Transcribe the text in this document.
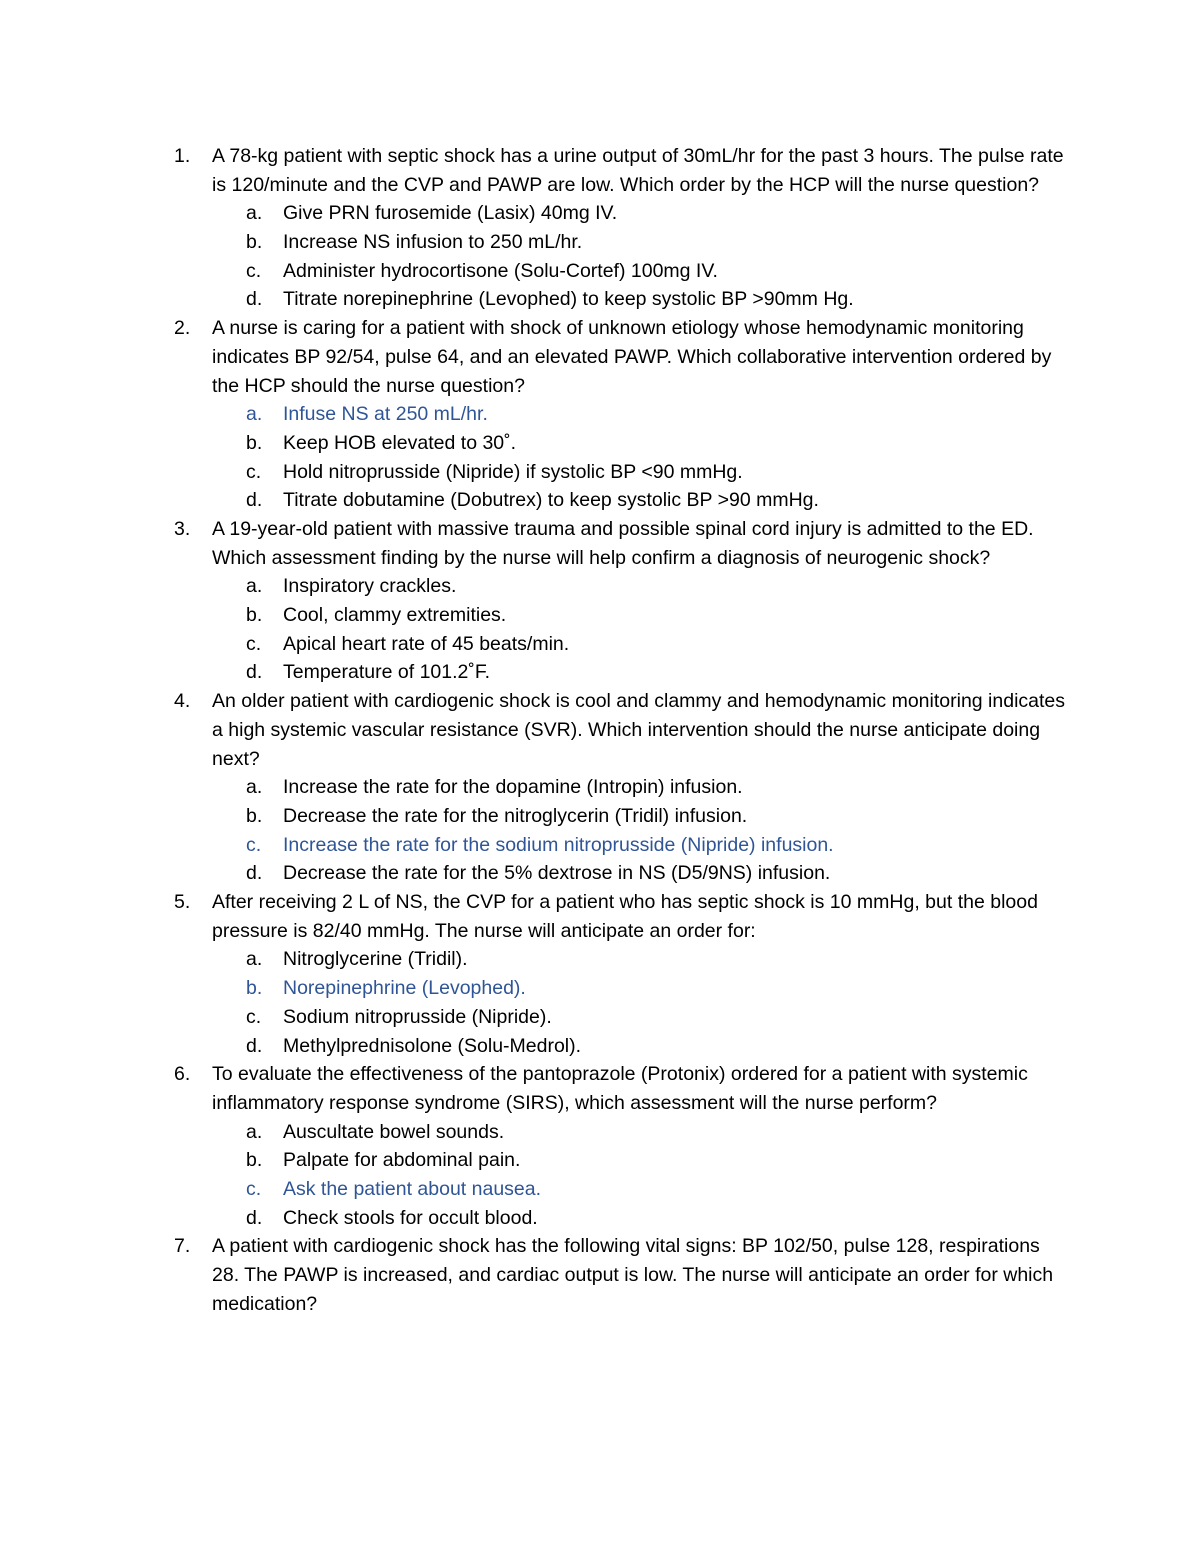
1. A 78-kg patient with septic shock has a urine output of 30mL/hr for the past 3 hours. The pulse rate is 120/minute and the CVP and PAWP are low. Which order by the HCP will the nurse question?

a. Give PRN furosemide (Lasix) 40mg IV.
b. Increase NS infusion to 250 mL/hr.
c. Administer hydrocortisone (Solu-Cortef) 100mg IV.
d. Titrate norepinephrine (Levophed) to keep systolic BP >90mm Hg.
2. A nurse is caring for a patient with shock of unknown etiology whose hemodynamic monitoring indicates BP 92/54, pulse 64, and an elevated PAWP. Which collaborative intervention ordered by the HCP should the nurse question?

a. Infuse NS at 250 mL/hr.
b. Keep HOB elevated to 30˚.
c. Hold nitroprusside (Nipride) if systolic BP <90 mmHg.
d. Titrate dobutamine (Dobutrex) to keep systolic BP >90 mmHg.
3. A 19-year-old patient with massive trauma and possible spinal cord injury is admitted to the ED. Which assessment finding by the nurse will help confirm a diagnosis of neurogenic shock?

a. Inspiratory crackles.
b. Cool, clammy extremities.
c. Apical heart rate of 45 beats/min.
d. Temperature of 101.2˚F.
4. An older patient with cardiogenic shock is cool and clammy and hemodynamic monitoring indicates a high systemic vascular resistance (SVR). Which intervention should the nurse anticipate doing next?

a. Increase the rate for the dopamine (Intropin) infusion.
b. Decrease the rate for the nitroglycerin (Tridil) infusion.
c. Increase the rate for the sodium nitroprusside (Nipride) infusion.
d. Decrease the rate for the 5% dextrose in NS (D5/9NS) infusion.
5. After receiving 2 L of NS, the CVP for a patient who has septic shock is 10 mmHg, but the blood pressure is 82/40 mmHg. The nurse will anticipate an order for:

a. Nitroglycerine (Tridil).
b. Norepinephrine (Levophed).
c. Sodium nitroprusside (Nipride).
d. Methylprednisolone (Solu-Medrol).
6. To evaluate the effectiveness of the pantoprazole (Protonix) ordered for a patient with systemic inflammatory response syndrome (SIRS), which assessment will the nurse perform?

a. Auscultate bowel sounds.
b. Palpate for abdominal pain.
c. Ask the patient about nausea.
d. Check stools for occult blood.
7. A patient with cardiogenic shock has the following vital signs: BP 102/50, pulse 128, respirations 28. The PAWP is increased, and cardiac output is low. The nurse will anticipate an order for which medication?
